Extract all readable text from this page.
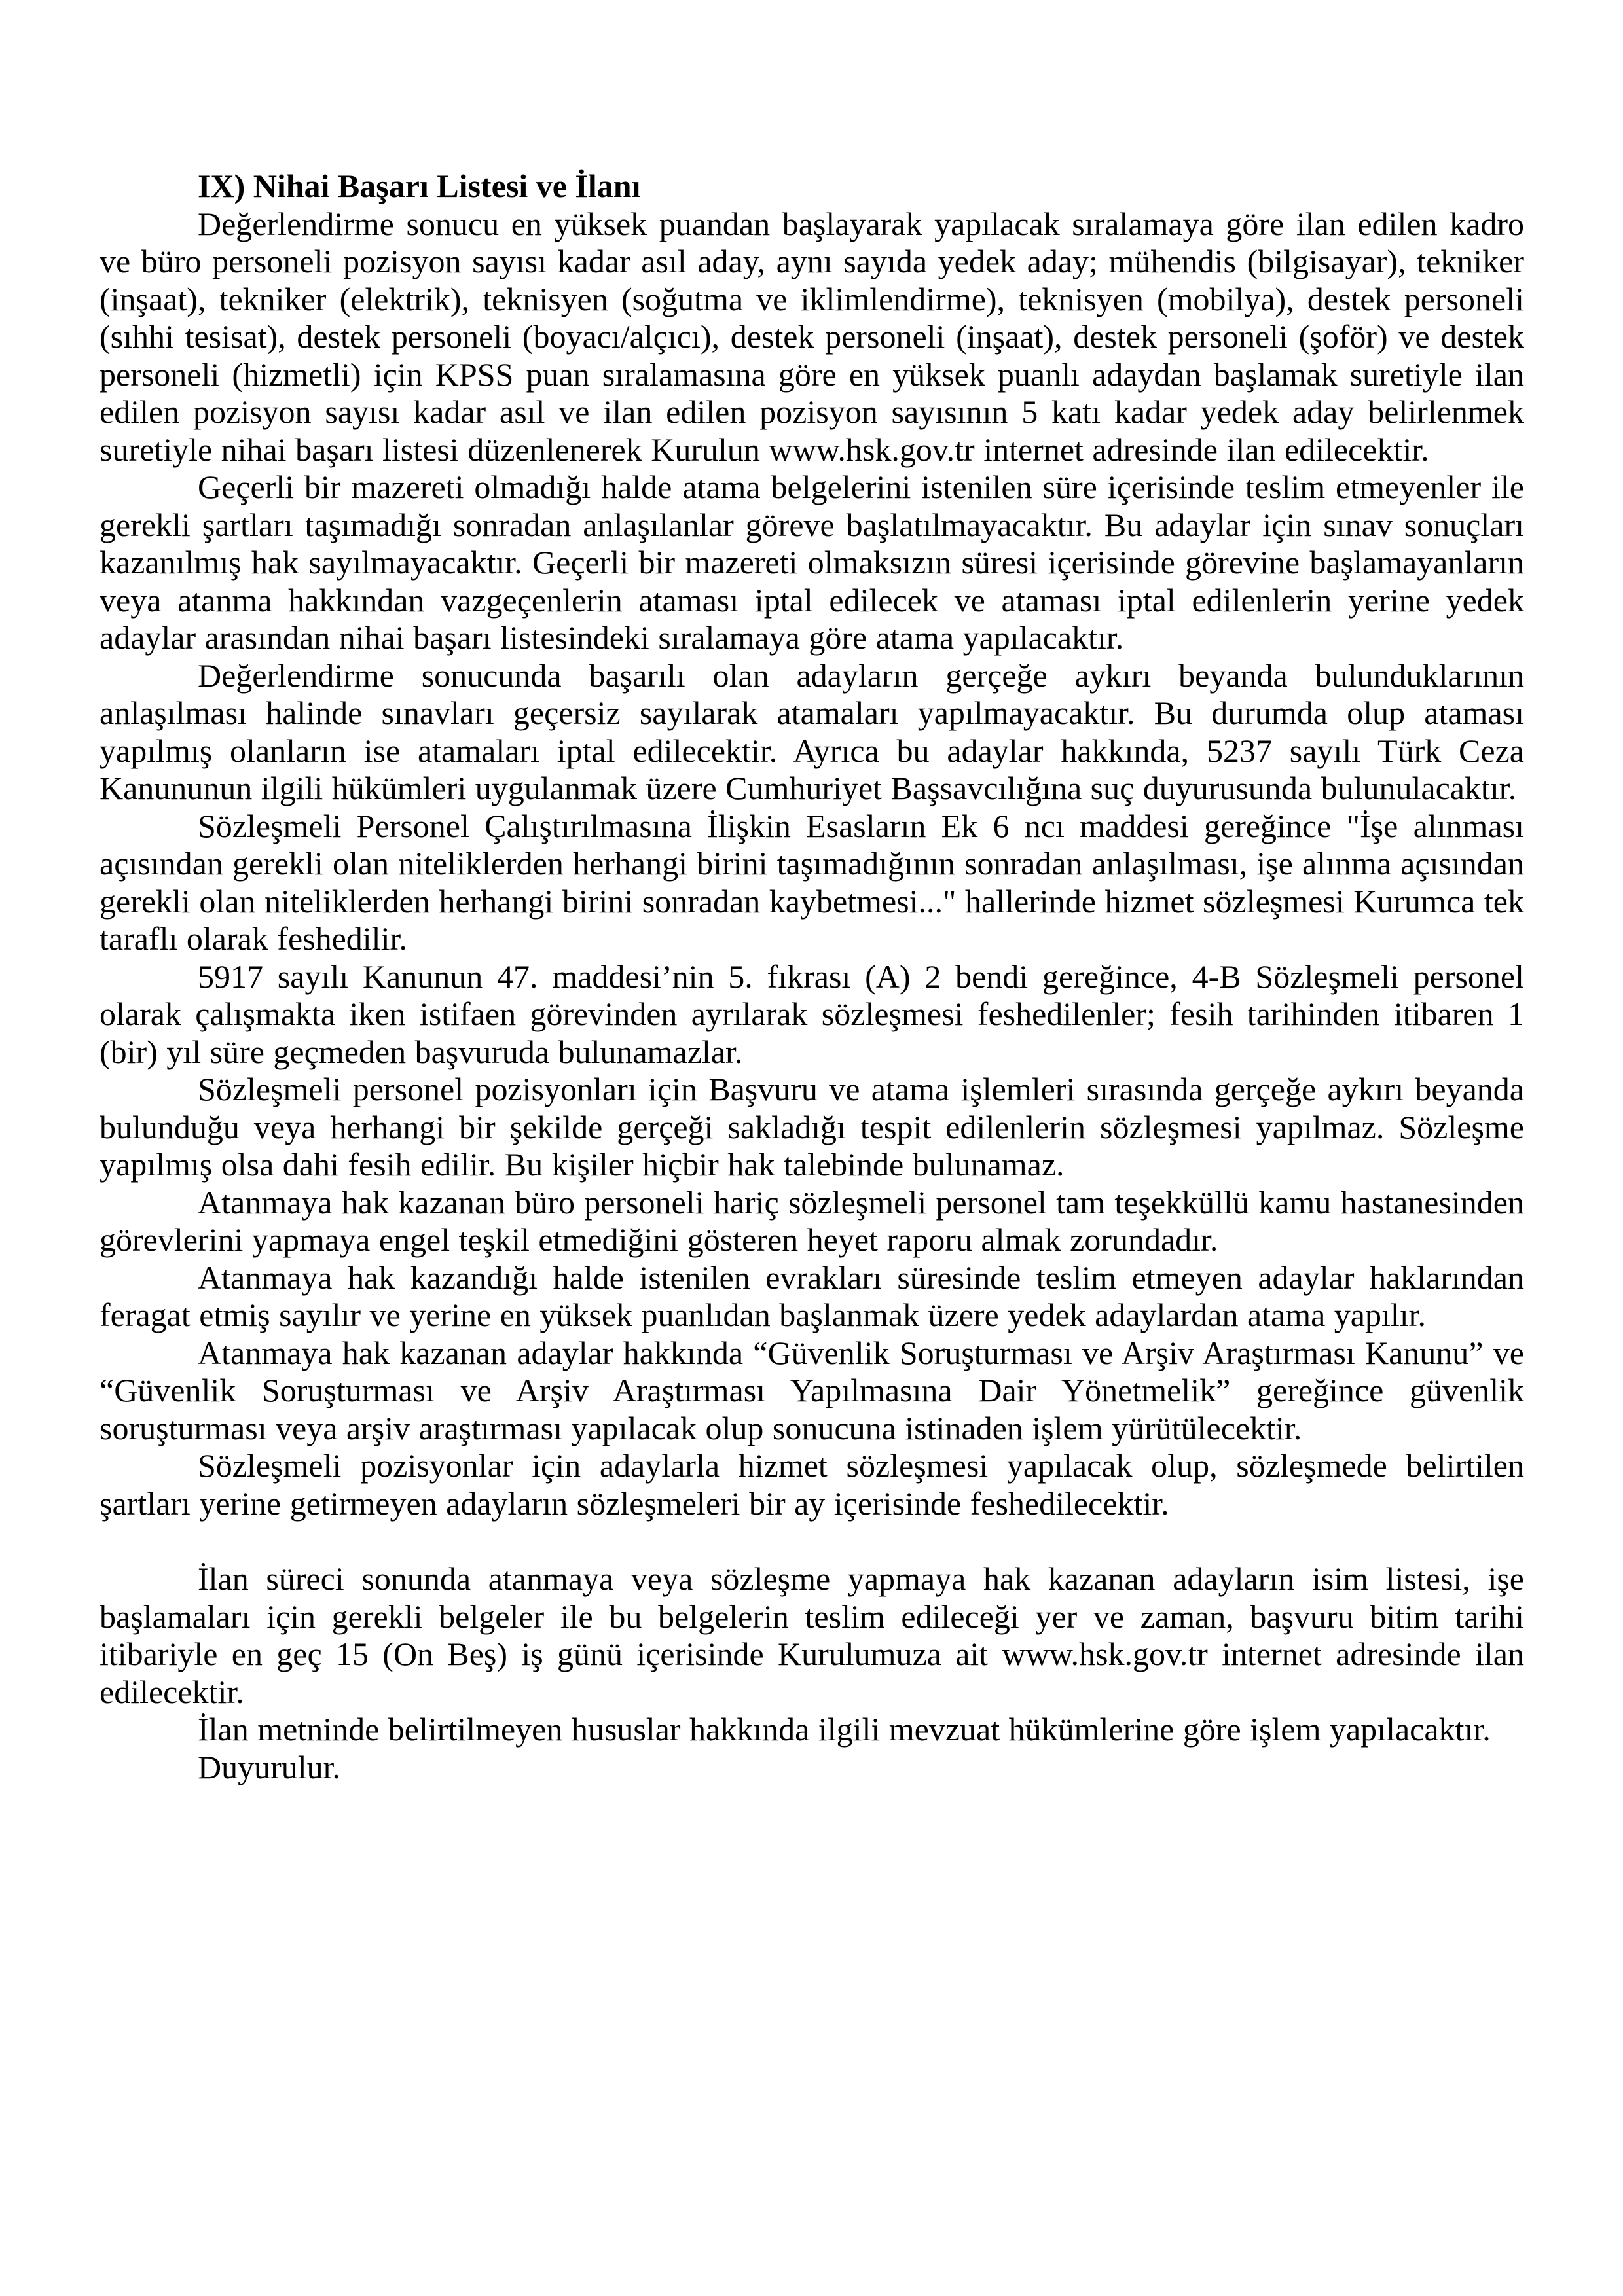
IX) Nihai Başarı Listesi ve İlanı

Değerlendirme sonucu en yüksek puandan başlayarak yapılacak sıralamaya göre ilan edilen kadro ve büro personeli pozisyon sayısı kadar asıl aday, aynı sayıda yedek aday; mühendis (bilgisayar), tekniker (inşaat), tekniker (elektrik), teknisyen (soğutma ve iklimlendirme), teknisyen (mobilya), destek personeli (sıhhi tesisat), destek personeli (boyacı/alçıcı), destek personeli (inşaat), destek personeli (şoför) ve destek personeli (hizmetli) için KPSS puan sıralamasına göre en yüksek puanlı adaydan başlamak suretiyle ilan edilen pozisyon sayısı kadar asıl ve ilan edilen pozisyon sayısının 5 katı kadar yedek aday belirlenmek suretiyle nihai başarı listesi düzenlenerek Kurulun www.hsk.gov.tr internet adresinde ilan edilecektir.

Geçerli bir mazereti olmadığı halde atama belgelerini istenilen süre içerisinde teslim etmeyenler ile gerekli şartları taşımadığı sonradan anlaşılanlar göreve başlatılmayacaktır. Bu adaylar için sınav sonuçları kazanılmış hak sayılmayacaktır. Geçerli bir mazereti olmaksızın süresi içerisinde görevine başlamayanların veya atanma hakkından vazgeçenlerin ataması iptal edilecek ve ataması iptal edilenlerin yerine yedek adaylar arasından nihai başarı listesindeki sıralamaya göre atama yapılacaktır.

Değerlendirme sonucunda başarılı olan adayların gerçeğe aykırı beyanda bulunduklarının anlaşılması halinde sınavları geçersiz sayılarak atamaları yapılmayacaktır. Bu durumda olup ataması yapılmış olanların ise atamaları iptal edilecektir. Ayrıca bu adaylar hakkında, 5237 sayılı Türk Ceza Kanununun ilgili hükümleri uygulanmak üzere Cumhuriyet Başsavcılığına suç duyurusunda bulunulacaktır.

Sözleşmeli Personel Çalıştırılmasına İlişkin Esasların Ek 6 ncı maddesi gereğince "İşe alınması açısından gerekli olan niteliklerden herhangi birini taşımadığının sonradan anlaşılması, işe alınma açısından gerekli olan niteliklerden herhangi birini sonradan kaybetmesi..." hallerinde hizmet sözleşmesi Kurumca tek taraflı olarak feshedilir.

5917 sayılı Kanunun 47. maddesi’nin 5. fıkrası (A) 2 bendi gereğince, 4-B Sözleşmeli personel olarak çalışmakta iken istifaen görevinden ayrılarak sözleşmesi feshedilenler; fesih tarihinden itibaren 1 (bir) yıl süre geçmeden başvuruda bulunamazlar.

Sözleşmeli personel pozisyonları için Başvuru ve atama işlemleri sırasında gerçeğe aykırı beyanda bulunduğu veya herhangi bir şekilde gerçeği sakladığı tespit edilenlerin sözleşmesi yapılmaz. Sözleşme yapılmış olsa dahi fesih edilir. Bu kişiler hiçbir hak talebinde bulunamaz.

Atanmaya hak kazanan büro personeli hariç sözleşmeli personel tam teşekküllü kamu hastanesinden görevlerini yapmaya engel teşkil etmediğini gösteren heyet raporu almak zorundadır.

Atanmaya hak kazandığı halde istenilen evrakları süresinde teslim etmeyen adaylar haklarından feragat etmiş sayılır ve yerine en yüksek puanlıdan başlanmak üzere yedek adaylardan atama yapılır.

Atanmaya hak kazanan adaylar hakkında “Güvenlik Soruşturması ve Arşiv Araştırması Kanunu” ve “Güvenlik Soruşturması ve Arşiv Araştırması Yapılmasına Dair Yönetmelik” gereğince güvenlik soruşturması veya arşiv araştırması yapılacak olup sonucuna istinaden işlem yürütülecektir.

Sözleşmeli pozisyonlar için adaylarla hizmet sözleşmesi yapılacak olup, sözleşmede belirtilen şartları yerine getirmeyen adayların sözleşmeleri bir ay içerisinde feshedilecektir.

İlan süreci sonunda atanmaya veya sözleşme yapmaya hak kazanan adayların isim listesi, işe başlamaları için gerekli belgeler ile bu belgelerin teslim edileceği yer ve zaman, başvuru bitim tarihi itibariyle en geç 15 (On Beş) iş günü içerisinde Kurulumuza ait www.hsk.gov.tr internet adresinde ilan edilecektir.

İlan metninde belirtilmeyen hususlar hakkında ilgili mevzuat hükümlerine göre işlem yapılacaktır.

Duyurulur.
